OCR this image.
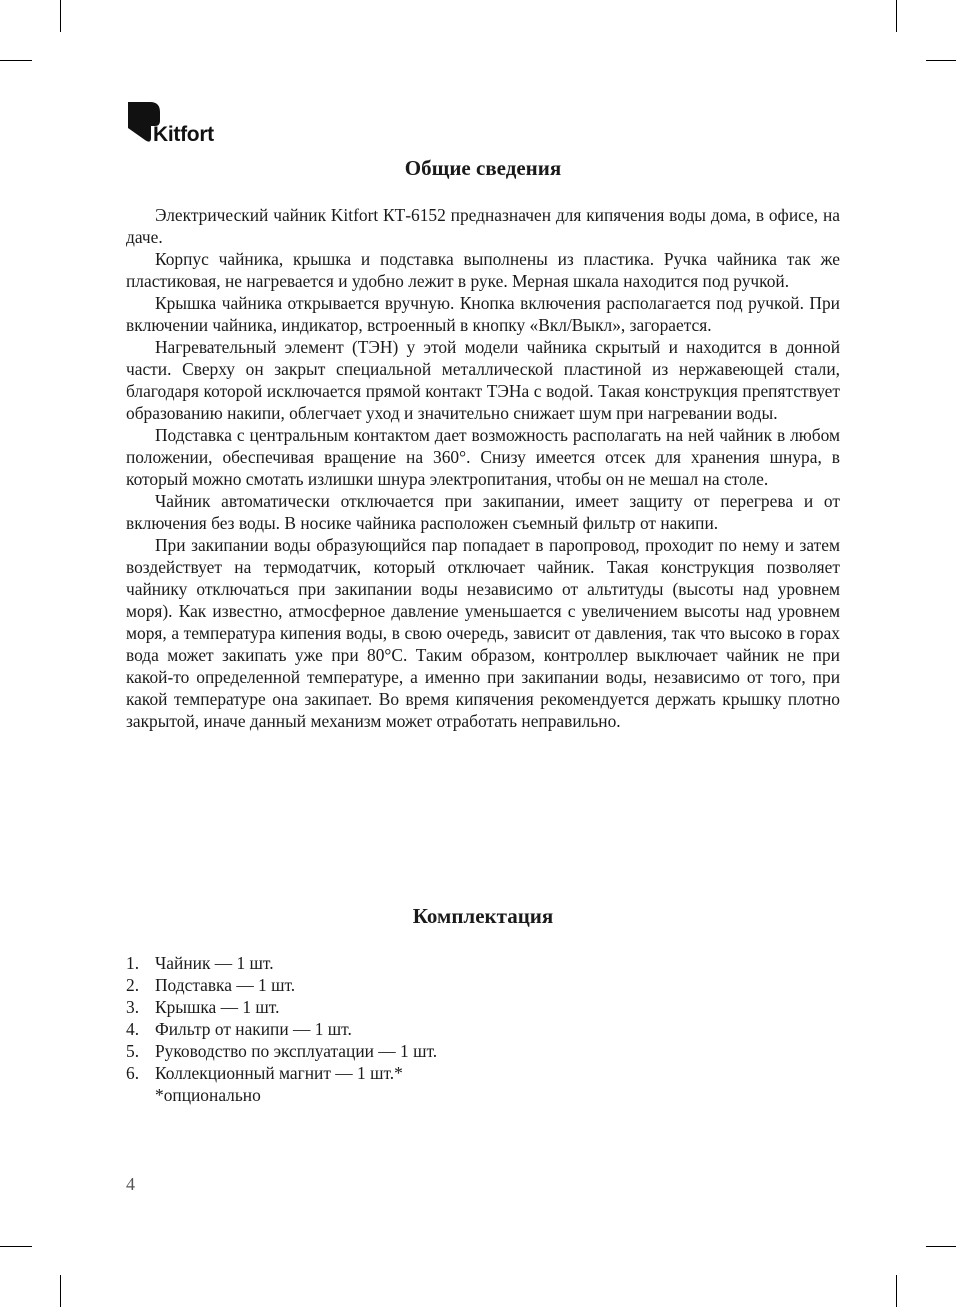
Kitfort
Общие сведения

Электрический чайник Kitfort КТ-6152 предназначен для кипячения воды дома, в офисе, на даче.

Корпус чайника, крышка и подставка выполнены из пластика. Ручка чайника так же пластиковая, не нагревается и удобно лежит в руке. Мерная шкала находится под ручкой.

Крышка чайника открывается вручную. Кнопка включения располагается под ручкой. При включении чайника, индикатор, встроенный в кнопку «Вкл/Выкл», загорается.

Нагревательный элемент (ТЭН) у этой модели чайника скрытый и находится в донной части. Сверху он закрыт специальной металлической пластиной из нержавеющей стали, благодаря которой исключается прямой контакт ТЭНа с водой. Такая конструкция препятствует образованию накипи, облегчает уход и значительно снижает шум при нагревании воды.

Подставка с центральным контактом дает возможность располагать на ней чайник в любом положении, обеспечивая вращение на 360°. Снизу имеется отсек для хранения шнура, в который можно смотать излишки шнура электропитания, чтобы он не мешал на столе.

Чайник автоматически отключается при закипании, имеет защиту от перегрева и от включения без воды. В носике чайника расположен съемный фильтр от накипи.

При закипании воды образующийся пар попадает в паропровод, проходит по нему и затем воздействует на термодатчик, который отключает чайник. Такая конструкция позволяет чайнику отключаться при закипании воды независимо от альтитуды (высоты над уровнем моря). Как известно, атмосферное давление уменьшается с увеличением высоты над уровнем моря, а температура кипения воды, в свою очередь, зависит от давления, так что высоко в горах вода может закипать уже при 80°С. Таким образом, контроллер выключает чайник не при какой-то определенной температуре, а именно при закипании воды, независимо от того, при какой температуре она закипает. Во время кипячения рекомендуется держать крышку плотно закрытой, иначе данный механизм может отработать неправильно.

Комплектация
1. Чайник — 1 шт.
2. Подставка — 1 шт.
3. Крышка — 1 шт.
4. Фильтр от накипи — 1 шт.
5. Руководство по эксплуатации — 1 шт.
6. Коллекционный магнит — 1 шт.*
*опционально
4
